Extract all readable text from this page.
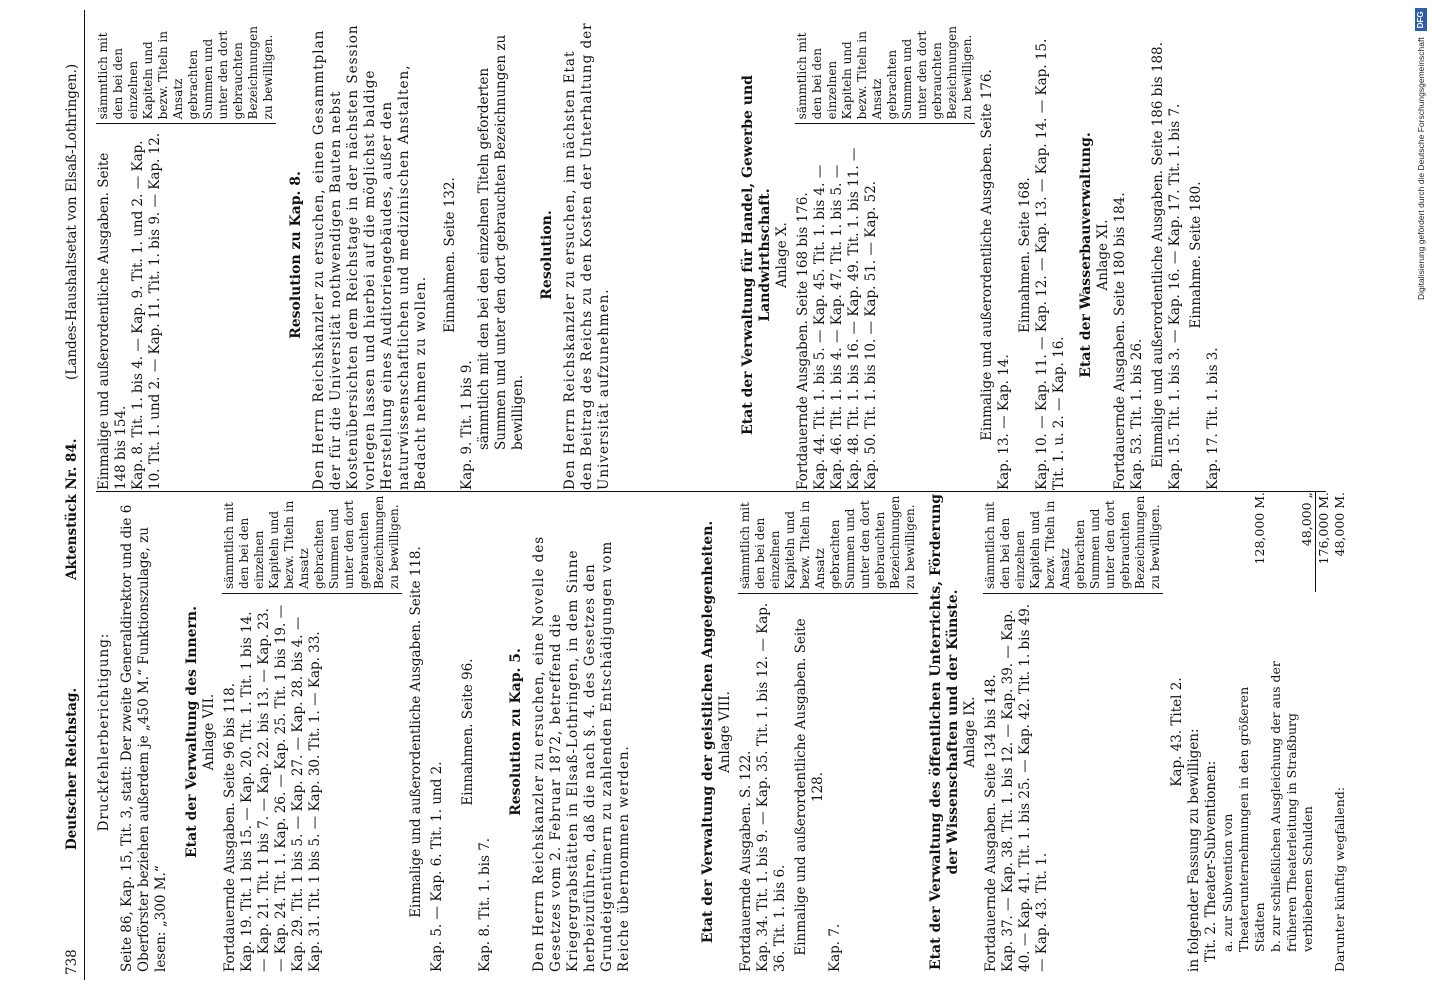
738
Deutscher Reichstag.
Aktenstück Nr. 84.
(Landes-Haushaltsetat von Elsaß-Lothringen.)
Druckfehlerberichtigung: Seite 86, Kap. 15, Tit. 3, statt: Der zweite Generaldirektor und die 6 Oberförster beziehen außerdem je „450 M.“ Funktionszulage, zu lesen: „300 M.“
Etat der Verwaltung des Innern. Anlage VII. Fortdauernde Ausgaben. Seite 96 bis 118. Kap. 19. Tit. 1 bis 15. — Kap. 20. Tit. 1. Tit. 1 bis 14. — Kap. 21. Tit. 1 bis 7. — Kap. 22. bis 13. — Kap. 23. — Kap. 24. Tit. 1. Kap. 26. — Kap. 25. Tit. 1 bis 19. — Kap. 29. Tit. 1 bis 5. — Kap. 27. — Kap. 28. bis 4. — Kap. 31. Tit. 1 bis 5. — Kap. 30. Tit. 1. — Kap. 33.
sämmtlich mit den bei den einzelnen Kapiteln und bezw. Titeln in Ansatz gebrachten Summen und unter den dort gebrauchten Bezeichnungen zu bewilligen. Einmalige und außerordentliche Ausgaben. Seite 118. Kap. 5. — Kap. 6. Tit. 1. und 2.
Einnahmen. Seite 96.
Kap. 8. Tit. 1. bis 7.
Resolution zu Kap. 5. Den Herrn Reichskanzler zu ersuchen, eine Novelle des Gesetzes vom 2. Februar 1872, betreffend die Kriegergrabstätten in Elsaß-Lothringen, in dem Sinne herbeizuführen, daß die nach §. 4. des Gesetzes den Grundeigentümern zu zahlenden Entschädigungen vom Reiche übernommen werden.	Etat der Verwaltung der geistlichen Angelegenheiten. Anlage VIII.
Fortdauernde Ausgaben. S. 122. Kap. 34. Tit. 1. bis 9. — Kap. 35. Tit. 1. bis 12. — Kap. 36. Tit. 1. bis 6. Einmalige und außerordentliche Ausgaben. Seite 128.
Kap. 7.
sämmtlich mit den bei den einzelnen Kapiteln und bezw. Titeln in Ansatz gebrachten Summen und unter den dort gebrauchten Bezeichnungen zu bewilligen. Etat der Verwaltung des öffentlichen Unterrichts, Förderung der Wissenschaften und der Künste. Anlage IX. Fortdauernde Ausgaben. Seite 134 bis 148. Kap. 37. — Kap. 38. Tit. 1. bis 12. — Kap. 39. — Kap. 40. — Kap. 41. Tit. 1. bis 25. — Kap. 42. Tit. 1. bis 49. — Kap. 43. Tit. 1.
sämmtlich mit den bei den einzelnen Kapiteln und bezw. Titeln in Ansatz gebrachten Summen und unter den dort gebrauchten Bezeichnungen zu bewilligen.
Kap. 43. Titel 2. in folgender Fassung zu bewilligen: Tit. 2. Theater-Subventionen: a. zur Subvention von Theaterunternehmungen in den größeren Städten
128,000 M.
b. zur schließlichen Ausgleichung der aus der früheren Theaterleitung in Straßburg verbliebenen Schulden
48,000 „ 176,000 M.
Darunter künftig wegfallend:
48,000 M.
Einmalige und außerordentliche Ausgaben. Seite 148 bis 154. Kap. 8. Tit. 1. bis 4. — Kap. 9. Tit. 1. und 2. — Kap. 10. Tit. 1. und 2. — Kap. 11. Tit. 1. bis 9. — Kap. 12.
sämmtlich mit den bei den einzelnen Kapiteln und bezw. Titeln in Ansatz gebrachten Summen und unter den dort gebrauchten Bezeichnungen zu bewilligen.
Resolution zu Kap. 8. Den Herrn Reichskanzler zu ersuchen, einen Gesammtplan der für die Universität nothwendigen Bauten nebst Kostenübersichten dem Reichstage in der nächsten Session vorlegen lassen und hierbei auf die möglichst baldige Herstellung eines Auditoriengebäudes, außer den naturwissenschaftlichen und medizinischen Anstalten, Bedacht nehmen zu wollen.
Einnahmen. Seite 132.
Kap. 9. Tit. 1 bis 9. sämmtlich mit den bei den einzelnen Titeln geforderten Summen und unter den dort gebrauchten Bezeichnungen zu bewilligen.
Resolution. Den Herrn Reichskanzler zu ersuchen, im nächsten Etat den Beitrag des Reichs zu den Kosten der Unterhaltung der Universität aufzunehmen.	Etat der Verwaltung für Handel, Gewerbe und Landwirthschaft. Anlage X. Fortdauernde Ausgaben. Seite 168 bis 176. Kap. 44. Tit. 1. bis 5. — Kap. 45. Tit. 1. bis 4. — Kap. 46. Tit. 1. bis 4. — Kap. 47. Tit. 1. bis 5. — Kap. 48. Tit. 1. bis 16. — Kap. 49. Tit. 1. bis 11. — Kap. 50. Tit. 1. bis 10. — Kap. 51. — Kap. 52.
sämmtlich mit den bei den einzelnen Kapiteln und bezw. Titeln in Ansatz gebrachten Summen und unter den dort gebrauchten Bezeichnungen zu bewilligen. Einmalige und außerordentliche Ausgaben. Seite 176. Kap. 13. — Kap. 14.
Einnahmen. Seite 168. Kap. 10. — Kap. 11. — Kap. 12. — Kap. 13. — Kap. 14. — Kap. 15. Tit. 1. u. 2. — Kap. 16.
Etat der Wasserbauverwaltung. Anlage XI. Fortdauernde Ausgaben. Seite 180 bis 184. Kap. 53. Tit. 1. bis 26. Einmalige und außerordentliche Ausgaben. Seite 186 bis 188. Kap. 15. Tit. 1. bis 3. — Kap. 16. — Kap. 17. Tit. 1. bis 7. Einnahme. Seite 180.
Kap. 17. Tit. 1. bis 3.
Digitalisierung gefördert durch die Deutsche Forschungsgemeinschaft
DFG
